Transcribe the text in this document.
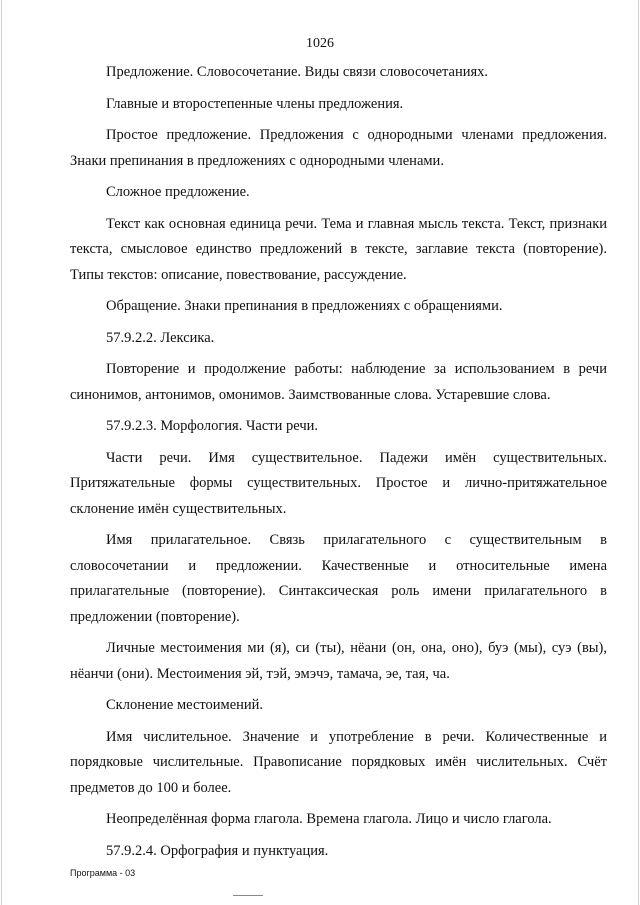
1026

Предложение. Словосочетание. Виды связи словосочетаниях.

Главные и второстепенные члены предложения.

Простое предложение. Предложения с однородными членами предложения. Знаки препинания в предложениях с однородными членами.

Сложное предложение.

Текст как основная единица речи. Тема и главная мысль текста. Текст, признаки текста, смысловое единство предложений в тексте, заглавие текста (повторение). Типы текстов: описание, повествование, рассуждение.

Обращение. Знаки препинания в предложениях с обращениями.

57.9.2.2. Лексика.

Повторение и продолжение работы: наблюдение за использованием в речи синонимов, антонимов, омонимов. Заимствованные слова. Устаревшие слова.

57.9.2.3. Морфология. Части речи.

Части речи. Имя существительное. Падежи имён существительных. Притяжательные формы существительных. Простое и лично-притяжательное склонение имён существительных.

Имя прилагательное. Связь прилагательного с существительным в словосочетании и предложении. Качественные и относительные имена прилагательные (повторение). Синтаксическая роль имени прилагательного в предложении (повторение).

Личные местоимения ми (я), си (ты), нёани (он, она, оно), буэ (мы), суэ (вы), нёанчи (они). Местоимения эй, тэй, эмэчэ, тамача, эе, тая, ча.

Склонение местоимений.

Имя числительное. Значение и употребление в речи. Количественные и порядковые числительные. Правописание порядковых имён числительных. Счёт предметов до 100 и более.

Неопределённая форма глагола. Времена глагола. Лицо и число глагола.

57.9.2.4. Орфография и пунктуация.

Программа - 03
